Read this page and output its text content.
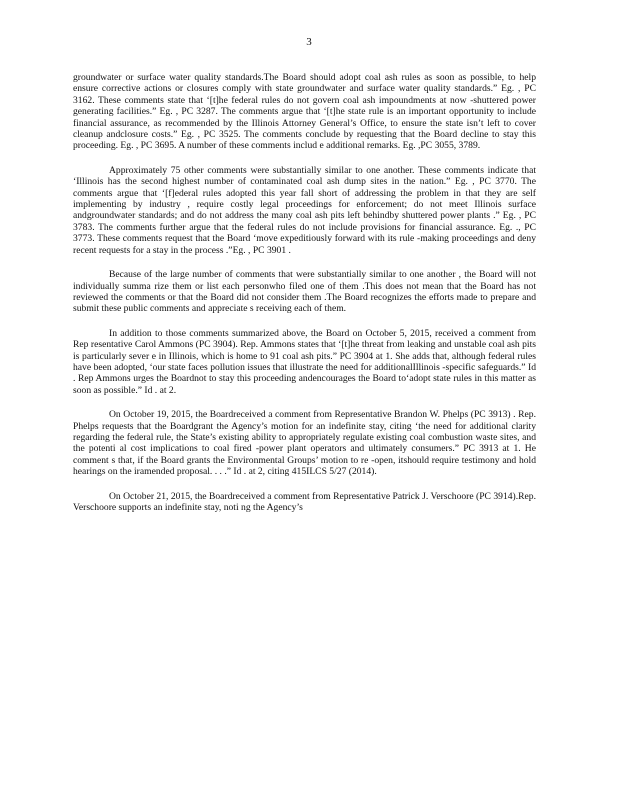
3

groundwater or surface water quality standards.The Board should adopt coal ash rules as soon as possible, to help ensure corrective actions or closures comply with state groundwater and surface water quality standards.” Eg. , PC 3162. These comments state that ‘[t]he federal rules do not govern coal ash impoundments at now -shuttered power generating facilities.” Eg. , PC 3287. The comments argue that ‘[t]he state rule is an important opportunity to include financial assurance, as recommended by the Illinois Attorney General’s Office, to ensure the state isn’t left to cover cleanup andclosure costs.” Eg. , PC 3525. The comments conclude by requesting that the Board decline to stay this proceeding. Eg. , PC 3695. A number of these comments includ e additional remarks. Eg. ,PC 3055, 3789.

Approximately 75 other comments were substantially similar to one another. These comments indicate that ‘Illinois has the second highest number of contaminated coal ash dump sites in the nation.” Eg. , PC 3770. The comments argue that ‘[f]ederal rules adopted this year fall short of addressing the problem in that they are self implementing by industry , require costly legal proceedings for enforcement; do not meet Illinois surface andgroundwater standards; and do not address the many coal ash pits left behindby shuttered power plants .” Eg. , PC 3783. The comments further argue that the federal rules do not include provisions for financial assurance. Eg. ., PC 3773. These comments request that the Board ‘move expeditiously forward with its rule -making proceedings and deny recent requests for a stay in the process .”Eg. , PC 3901 .

Because of the large number of comments that were substantially similar to one another , the Board will not individually summa rize them or list each personwho filed one of them .This does not mean that the Board has not reviewed the comments or that the Board did not consider them .The Board recognizes the efforts made to prepare and submit these public comments and appreciate s receiving each of them.

In addition to those comments summarized above, the Board on October 5, 2015, received a comment from Rep resentative Carol Ammons (PC 3904). Rep. Ammons states that ‘[t]he threat from leaking and unstable coal ash pits is particularly sever e in Illinois, which is home to 91 coal ash pits.” PC 3904 at 1. She adds that, although federal rules have been adopted, ‘our state faces pollution issues that illustrate the need for additionalIllinois -specific safeguards.” Id . Rep Ammons urges the Boardnot to stay this proceeding andencourages the Board to‘adopt state rules in this matter as soon as possible.” Id . at 2.

On October 19, 2015, the Boardreceived a comment from Representative Brandon W. Phelps (PC 3913) . Rep. Phelps requests that the Boardgrant the Agency’s motion for an indefinite stay, citing ‘the need for additional clarity regarding the federal rule, the State’s existing ability to appropriately regulate existing coal combustion waste sites, and the potenti al cost implications to coal fired -power plant operators and ultimately consumers.” PC 3913 at 1. He comment s that, if the Board grants the Environmental Groups’ motion to re -open, itshould require testimony and hold hearings on the iramended proposal. . . .” Id . at 2, citing 415ILCS 5/27 (2014).

On October 21, 2015, the Boardreceived a comment from Representative Patrick J. Verschoore (PC 3914).Rep. Verschoore supports an indefinite stay, noti ng the Agency’s
